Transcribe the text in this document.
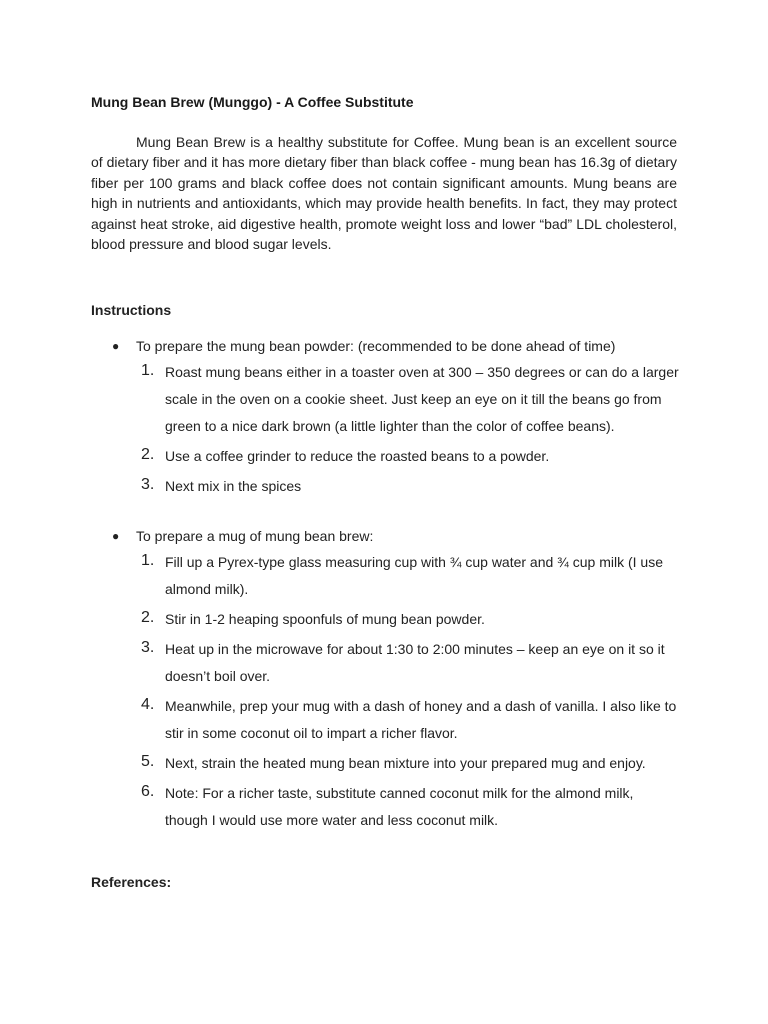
Mung Bean Brew (Munggo) - A Coffee Substitute

Mung Bean Brew is a healthy substitute for Coffee. Mung bean is an excellent source of dietary fiber and it has more dietary fiber than black coffee - mung bean has 16.3g of dietary fiber per 100 grams and black coffee does not contain significant amounts. Mung beans are high in nutrients and antioxidants, which may provide health benefits. In fact, they may protect against heat stroke, aid digestive health, promote weight loss and lower “bad” LDL cholesterol, blood pressure and blood sugar levels.

Instructions
● To prepare the mung bean powder: (recommended to be done ahead of time)
1. Roast mung beans either in a toaster oven at 300 – 350 degrees or can do a larger scale in the oven on a cookie sheet. Just keep an eye on it till the beans go from green to a nice dark brown (a little lighter than the color of coffee beans).
2. Use a coffee grinder to reduce the roasted beans to a powder.
3. Next mix in the spices
● To prepare a mug of mung bean brew:
1. Fill up a Pyrex-type glass measuring cup with ¾ cup water and ¾ cup milk (I use almond milk).
2. Stir in 1-2 heaping spoonfuls of mung bean powder.
3. Heat up in the microwave for about 1:30 to 2:00 minutes – keep an eye on it so it doesn’t boil over.
4. Meanwhile, prep your mug with a dash of honey and a dash of vanilla. I also like to stir in some coconut oil to impart a richer flavor.
5. Next, strain the heated mung bean mixture into your prepared mug and enjoy.
6. Note: For a richer taste, substitute canned coconut milk for the almond milk, though I would use more water and less coconut milk.
References:
